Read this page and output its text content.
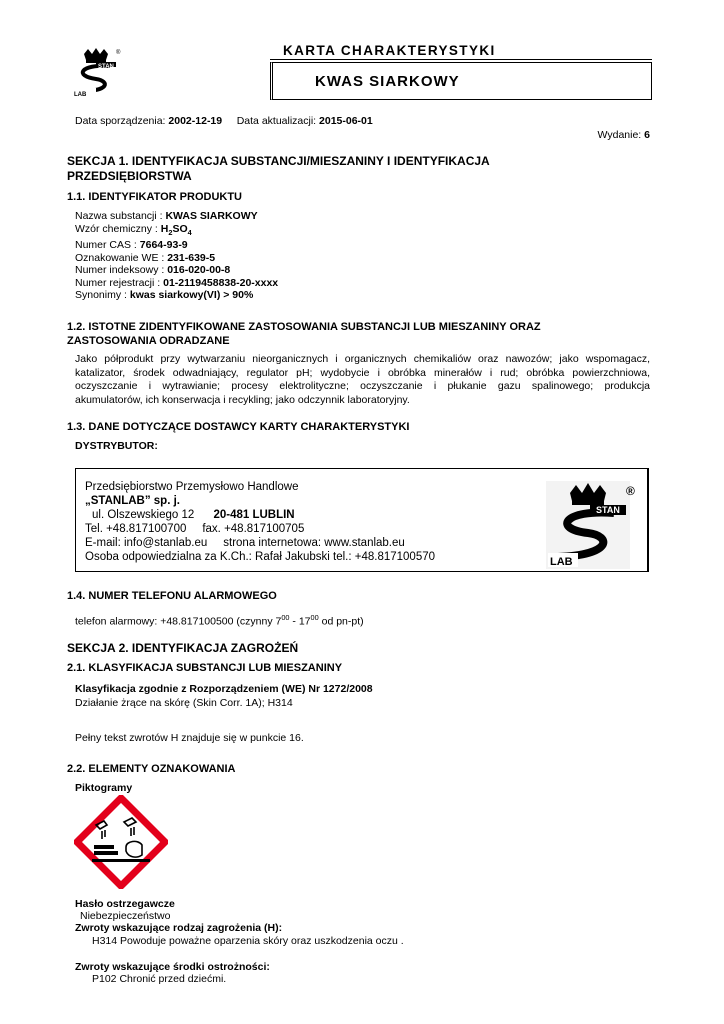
STAN
LAB
®	KARTA CHARAKTERYSTYKI
KWAS SIARKOWY
Data sporządzenia: 2002-12-19 Data aktualizacji: 2015-06-01
Wydanie: 6
SEKCJA 1. IDENTYFIKACJA SUBSTANCJI/MIESZANINY I IDENTYFIKACJA
PRZEDSIĘBIORSTWA
1.1. IDENTYFIKATOR PRODUKTU
Nazwa substancji : KWAS SIARKOWY
Wzór chemiczny : $H_2SO_4$
Numer CAS : 7664-93-9
Oznakowanie WE : 231-639-5
Numer indeksowy : 016-020-00-8
Numer rejestracji : 01-2119458838-20-xxxx
Synonimy : kwas siarkowy(VI) > 90%
1.2. ISTOTNE ZIDENTYFIKOWANE ZASTOSOWANIA SUBSTANCJI LUB MIESZANINY ORAZ
ZASTOSOWANIA ODRADZANE
Jako półprodukt przy wytwarzaniu nieorganicznych i organicznych chemikaliów oraz nawozów; jako wspomagacz,
katalizator, środek odwadniający, regulator pH; wydobycie i obróbka minerałów i rud; obróbka powierzchniowa,
oczyszczanie i wytrawianie; procesy elektrolityczne; oczyszczanie i płukanie gazu spalinowego; produkcja
akumulatorów, ich konserwacja i recykling; jako odczynnik laboratoryjny.
1.3. DANE DOTYCZĄCE DOSTAWCY KARTY CHARAKTERYSTYKI
DYSTRYBUTOR:
Przedsiębiorstwo Przemysłowo Handlowe
„STANLAB” sp. j.
ul. Olszewskiego 12 20-481 LUBLIN
Tel. +48.817100700 fax. +48.817100705
E-mail: info@stanlab.eu strona internetowa: www.stanlab.eu
Osoba odpowiedzialna za K.Ch.: Rafał Jakubski tel.: +48.817100570
STAN
LAB
®
1.4. NUMER TELEFONU ALARMOWEGO
telefon alarmowy: +48.817100500 (czynny $7^{00} - 17^{00}$ od pn-pt)
SEKCJA 2. IDENTYFIKACJA ZAGROŻEŃ
2.1. KLASYFIKACJA SUBSTANCJI LUB MIESZANINY
Klasyfikacja zgodnie z Rozporządzeniem (WE) Nr 1272/2008
Działanie żrące na skórę (Skin Corr. 1A); H314
Pełny tekst zwrotów H znajduje się w punkcie 16.
2.2. ELEMENTY OZNAKOWANIA
Piktogramy
Hasło ostrzegawcze
Niebezpieczeństwo
Zwroty wskazujące rodzaj zagrożenia (H):
H314 Powoduje poważne oparzenia skóry oraz uszkodzenia oczu .
Zwroty wskazujące środki ostrożności:
P102 Chronić przed dziećmi.
